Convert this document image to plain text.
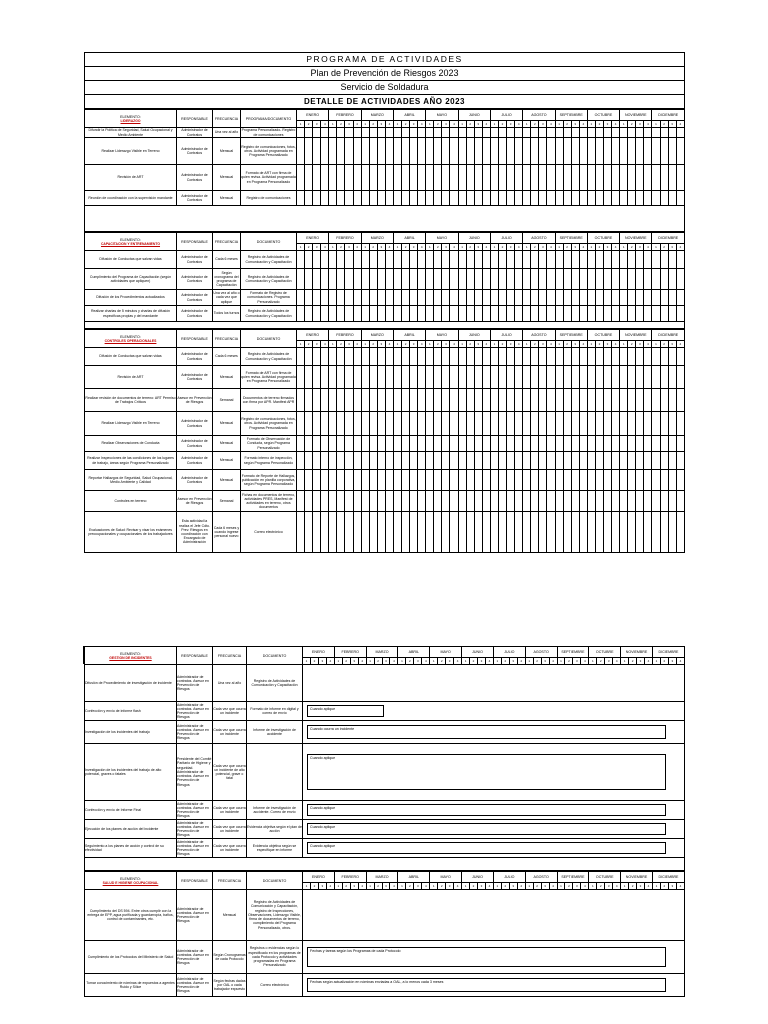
PROGRAMA DE ACTIVIDADES
Plan de Prevención de Riesgos 2023
Servicio de Soldadura
DETALLE DE ACTIVIDADES AÑO 2023
ELEMENTO:
LIDERAZGO	RESPONSABLE	FRECUENCIA	PROGRAMA/DOCUMENTO	ENERO				FEBRERO				MARZO				ABRIL				MAYO				JUNIO				JULIO				AGOSTO				SEPTIEMBRE				OCTUBRE				NOVIEMBRE				DICIEMBRE			
				1	2	3	4	1	2	3	4	1	2	3	4	1	2	3	4	1	2	3	4	1	2	3	4	1	2	3	4	1	2	3	4	1	2	3	4	1	2	3	4	1	2	3	4	1	2	3	4
Difundir la Política de Seguridad, Salud Ocupacional y Medio Ambiente	Administrador de Contratos	Una vez al año	Programa Personalizado- Registro de comunicaciones																																																
Realizar Liderazgo Visible en Terreno	Administrador de Contratos	Mensual	Registro de comunicaciones, fotos, otros. Actividad programada en Programa Personalizado																																																
Revisión de ART	Administrador de Contratos	Mensual	Formato de ART con firma de quien revisa. Actividad programada en Programa Personalizado																																																
Reunión de coordinación con la supervisión mandante	Administrador de Contratos	Mensual	Registro de comunicaciones																																																
ELEMENTO:
CAPACITACION Y ENTRENAMIENTO	RESPONSABLE	FRECUENCIA	DOCUMENTO	ENERO				FEBRERO				MARZO				ABRIL				MAYO				JUNIO				JULIO				AGOSTO				SEPTIEMBRE				OCTUBRE				NOVIEMBRE				DICIEMBRE			
				1	2	3	4	1	2	3	4	1	2	3	4	1	2	3	4	1	2	3	4	1	2	3	4	1	2	3	4	1	2	3	4	1	2	3	4	1	2	3	4	1	2	3	4	1	2	3	4
Difusión de Conductas que salvan vidas	Administrador de Contratos	Cada 6 meses	Registro de Actividades de Comunicación y Capacitación																																																
Cumplimiento del Programa de Capacitación (según actividades que apliquen)	Administrador de Contratos	Según cronograma del programa de Capacitación	Registro de Actividades de Comunicación y Capacitación																																																
Difusión de los Procedimientos actualizados	Administrador de Contratos	Una vez al año o cada vez que aplique	Formato de Registro de comunicaciones. Programa Personalizado																																																
Realizar charlas de 5 minutos y charlas de difusión específicas propias y del mandante	Administrador de Contratos	Todos los turnos	Registro de Actividades de Comunicación y Capacitación																																																
ELEMENTO:
CONTROLES OPERACIONALES	RESPONSABLE	FRECUENCIA	DOCUMENTO	ENERO				FEBRERO				MARZO				ABRIL				MAYO				JUNIO				JULIO				AGOSTO				SEPTIEMBRE				OCTUBRE				NOVIEMBRE				DICIEMBRE			
				1	2	3	4	1	2	3	4	1	2	3	4	1	2	3	4	1	2	3	4	1	2	3	4	1	2	3	4	1	2	3	4	1	2	3	4	1	2	3	4	1	2	3	4	1	2	3	4
Difusión de Conductas que salvan vidas	Administrador de Contratos	Cada 6 meses	Registro de Actividades de Comunicación y Capacitación																																																
Revisión de ART	Administrador de Contratos	Mensual	Formato de ART con firma de quien revisa. Actividad programada en Programa Personalizado																																																
Realizar revisión de documentos de terreno: ART Permiso de Trabajos Críticos	Asesor en Prevención de Riesgos	Semanal	Documentos de terreno firmados con firma por APR. Manifest APR																																																
Realizar Liderazgo Visible en Terreno	Administrador de Contratos	Mensual	Registro de comunicaciones, fotos, otros. Actividad programada en Programa Personalizado																																																
Realizar Observaciones de Conducta	Administrador de Contratos	Mensual	Formato de Observación de Conducta, según Programa Personalizado																																																
Realizar Inspecciones de las condiciones de los lugares de trabajo, áreas según Programa Personalizado	Administrador de Contratos	Mensual	Formato interno de inspección, según Programa Personalizado																																																
Reportar Hallazgos de Seguridad, Salud Ocupacional, Medio Ambiente y Calidad	Administrador de Contratos	Mensual	Formato de Reporte de Hallazgos, publicación en planilla corporativa, según Programa Personalizado																																																
Controles en terreno	Asesor en Prevención de Riesgos	Semanal	Fichas en documentos de terreno, actividades PRES, Manifest de actividades en terreno, otros documentos																																																
Evaluaciones de Salud: Revisar y visar los exámenes preocupacionales y ocupacionales de los trabajadores	Esta actividad la realiza el Jefe Cdto. Prev. Riesgos en coordinación con Encargado de Administración	Cada 6 meses y cuando ingrese personal nuevo	Correo electrónico																																																
ELEMENTO:
GESTION DE INCIDENTES	RESPONSABLE	FRECUENCIA	DOCUMENTO	ENERO				FEBRERO				MARZO				ABRIL				MAYO				JUNIO				JULIO				AGOSTO				SEPTIEMBRE				OCTUBRE				NOVIEMBRE				DICIEMBRE			
				1	2	3	4	1	2	3	4	1	2	3	4	1	2	3	4	1	2	3	4	1	2	3	4	1	2	3	4	1	2	3	4	1	2	3	4	1	2	3	4	1	2	3	4	1	2	3	4
Difusión de Procedimiento de investigación de incidente	Administrador de contratos. Asesor en Prevención de Riesgos	Una vez al año	Registro de Actividades de Comunicación y Capacitación																																																
Confección y envío de informe flash	Administrador de contratos. Asesor en Prevención de Riesgos	Cada vez que ocurra un incidente	Formato de informe en digital y correo de envío	Cuando aplique																																															

Investigación de los incidentes del trabajo	Administrador de contratos. Asesor en Prevención de Riesgos	Cada vez que ocurra un incidente	Informe de investigación de accidente	Cuando ocurra un incidente																																															

Investigación de los incidentes del trabajo de alto potencial, graves o fatales	Presidente del Comité Paritario de Higiene y seguridad. Administrador de contratos. Asesor en Prevención de Riesgos	Cada vez que ocurra un incidente de alto potencial, grave o fatal		Cuando aplique																																															

Confección y envío de Informe Final	Administrador de contratos. Asesor en Prevención de Riesgos	Cada vez que ocurra un incidente	Informe de investigación de accidente. Correo de envío	Cuando aplique																																															

Ejecución de los planes de acción del incidente	Administrador de contratos. Asesor en Prevención de Riesgos	Cada vez que ocurra un incidente	Evidencia objetiva según el plan de acción	Cuando aplique																																															

Seguimiento a los planes de acción y control de su efectividad	Administrador de contratos. Asesor en Prevención de Riesgos	Cada vez que ocurra un incidente	Evidencia objetiva según se especifique en informe	Cuando aplique																																															
ELEMENTO:
SALUD E HIGIENE OCUPACIONAL	RESPONSABLE	FRECUENCIA	DOCUMENTO	ENERO				FEBRERO				MARZO				ABRIL				MAYO				JUNIO				JULIO				AGOSTO				SEPTIEMBRE				OCTUBRE				NOVIEMBRE				DICIEMBRE			
				1	2	3	4	1	2	3	4	1	2	3	4	1	2	3	4	1	2	3	4	1	2	3	4	1	2	3	4	1	2	3	4	1	2	3	4	1	2	3	4	1	2	3	4	1	2	3	4
Cumplimiento del DS 594. Entre otros cumplir con la entrega de EPP, agua purificada y guardarropía, baños, control de contaminantes, etc.	Administrador de contratos. Asesor en Prevención de Riesgos	Mensual	Registro de Actividades de Comunicación y Capacitación, registro de Inspecciones, Observaciones, Liderazgo Visible, firma de documentos de terreno, cumplimiento del Programa Personalizado, otros.																																																
Cumplimiento de los Protocolos del Ministerio de Salud	Administrador de contratos. Asesor en Prevención de Riesgos	Según Cronogramas de cada Protocolo	Registros o evidencias según lo especificado en los programas de cada Protocolo y actividades programadas en Programa Personalizado	Fechas y tareas según los Programas de cada Protocolo																																															

Tomar conocimiento de nóminas de expuestos a agentes Ruido y Sílice	Administrador de contratos. Asesor en Prevención de Riesgos	Según fechas dadas por OAL o cada trabajador expuesto	Correo electrónico	Fechas según actualización en nóminas enviadas a OAL, a lo menos cada 3 meses																																															
